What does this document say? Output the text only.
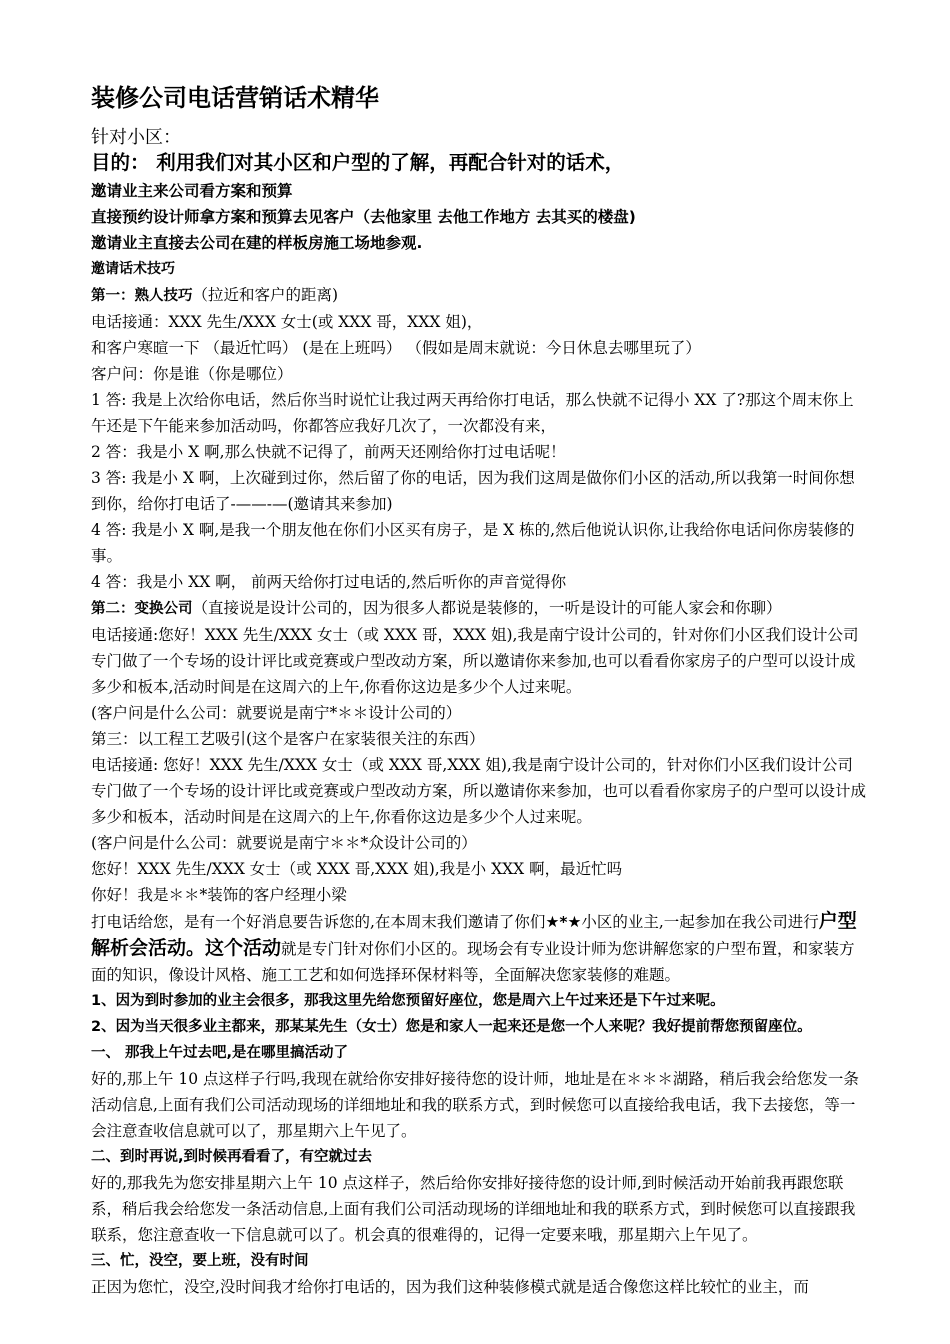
装修公司电话营销话术精华

针对小区：

目的： 利用我们对其小区和户型的了解，再配合针对的话术，

邀请业主来公司看方案和预算

直接预约设计师拿方案和预算去见客户（去他家里 去他工作地方 去其买的楼盘)

邀请业主直接去公司在建的样板房施工场地参观.

邀请话术技巧

第一：熟人技巧（拉近和客户的距离)

电话接通：XXX 先生/XXX 女士(或 XXX 哥，XXX 姐)，

和客户寒暄一下 （最近忙吗） (是在上班吗） （假如是周末就说：今日休息去哪里玩了）

客户问：你是谁（你是哪位）

1 答: 我是上次给你电话，然后你当时说忙让我过两天再给你打电话，那么快就不记得小 XX 了?那这个周末你上午还是下午能来参加活动吗，你都答应我好几次了，一次都没有来，

2 答：我是小 X 啊,那么快就不记得了，前两天还刚给你打过电话呢！

3 答: 我是小 X 啊，上次碰到过你，然后留了你的电话，因为我们这周是做你们小区的活动,所以我第一时间你想到你，给你打电话了-——-—(邀请其来参加)

4 答: 我是小 X 啊,是我一个朋友他在你们小区买有房子，是 X 栋的,然后他说认识你,让我给你电话问你房装修的事。

4 答：我是小 XX 啊， 前两天给你打过电话的,然后听你的声音觉得你

第二：变换公司（直接说是设计公司的，因为很多人都说是装修的，一听是设计的可能人家会和你聊）

电话接通:您好！XXX 先生/XXX 女士（或 XXX 哥，XXX 姐),我是南宁设计公司的，针对你们小区我们设计公司专门做了一个专场的设计评比或竞赛或户型改动方案，所以邀请你来参加,也可以看看你家房子的户型可以设计成多少和板本,活动时间是在这周六的上午,你看你这边是多少个人过来呢。

(客户问是什么公司：就要说是南宁*＊＊设计公司的）

第三：以工程工艺吸引(这个是客户在家装很关注的东西）

电话接通: 您好！XXX 先生/XXX 女士（或 XXX 哥,XXX 姐),我是南宁设计公司的，针对你们小区我们设计公司专门做了一个专场的设计评比或竞赛或户型改动方案，所以邀请你来参加，也可以看看你家房子的户型可以设计成多少和板本，活动时间是在这周六的上午,你看你这边是多少个人过来呢。

(客户问是什么公司：就要说是南宁＊＊*众设计公司的）

您好！XXX 先生/XXX 女士（或 XXX 哥,XXX 姐),我是小 XXX 啊，最近忙吗

你好！我是＊＊*装饰的客户经理小梁

打电话给您，是有一个好消息要告诉您的,在本周末我们邀请了你们★*★小区的业主,一起参加在我公司进行户型解析会活动。这个活动就是专门针对你们小区的。现场会有专业设计师为您讲解您家的户型布置，和家装方面的知识，像设计风格、施工工艺和如何选择环保材料等，全面解决您家装修的难题。

1、因为到时参加的业主会很多，那我这里先给您预留好座位，您是周六上午过来还是下午过来呢。

2、因为当天很多业主都来，那某某先生（女士）您是和家人一起来还是您一个人来呢？我好提前帮您预留座位。

一、 那我上午过去吧,是在哪里搞活动了

好的,那上午 10 点这样子行吗,我现在就给你安排好接待您的设计师，地址是在＊＊＊湖路，稍后我会给您发一条活动信息,上面有我们公司活动现场的详细地址和我的联系方式，到时候您可以直接给我电话，我下去接您，等一会注意查收信息就可以了，那星期六上午见了。

二、到时再说,到时候再看看了，有空就过去

好的,那我先为您安排星期六上午 10 点这样子，然后给你安排好接待您的设计师,到时候活动开始前我再跟您联系，稍后我会给您发一条活动信息,上面有我们公司活动现场的详细地址和我的联系方式，到时候您可以直接跟我联系，您注意查收一下信息就可以了。机会真的很难得的，记得一定要来哦，那星期六上午见了。

三、忙，没空，要上班，没有时间

正因为您忙，没空,没时间我才给你打电话的，因为我们这种装修模式就是适合像您这样比较忙的业主，而
